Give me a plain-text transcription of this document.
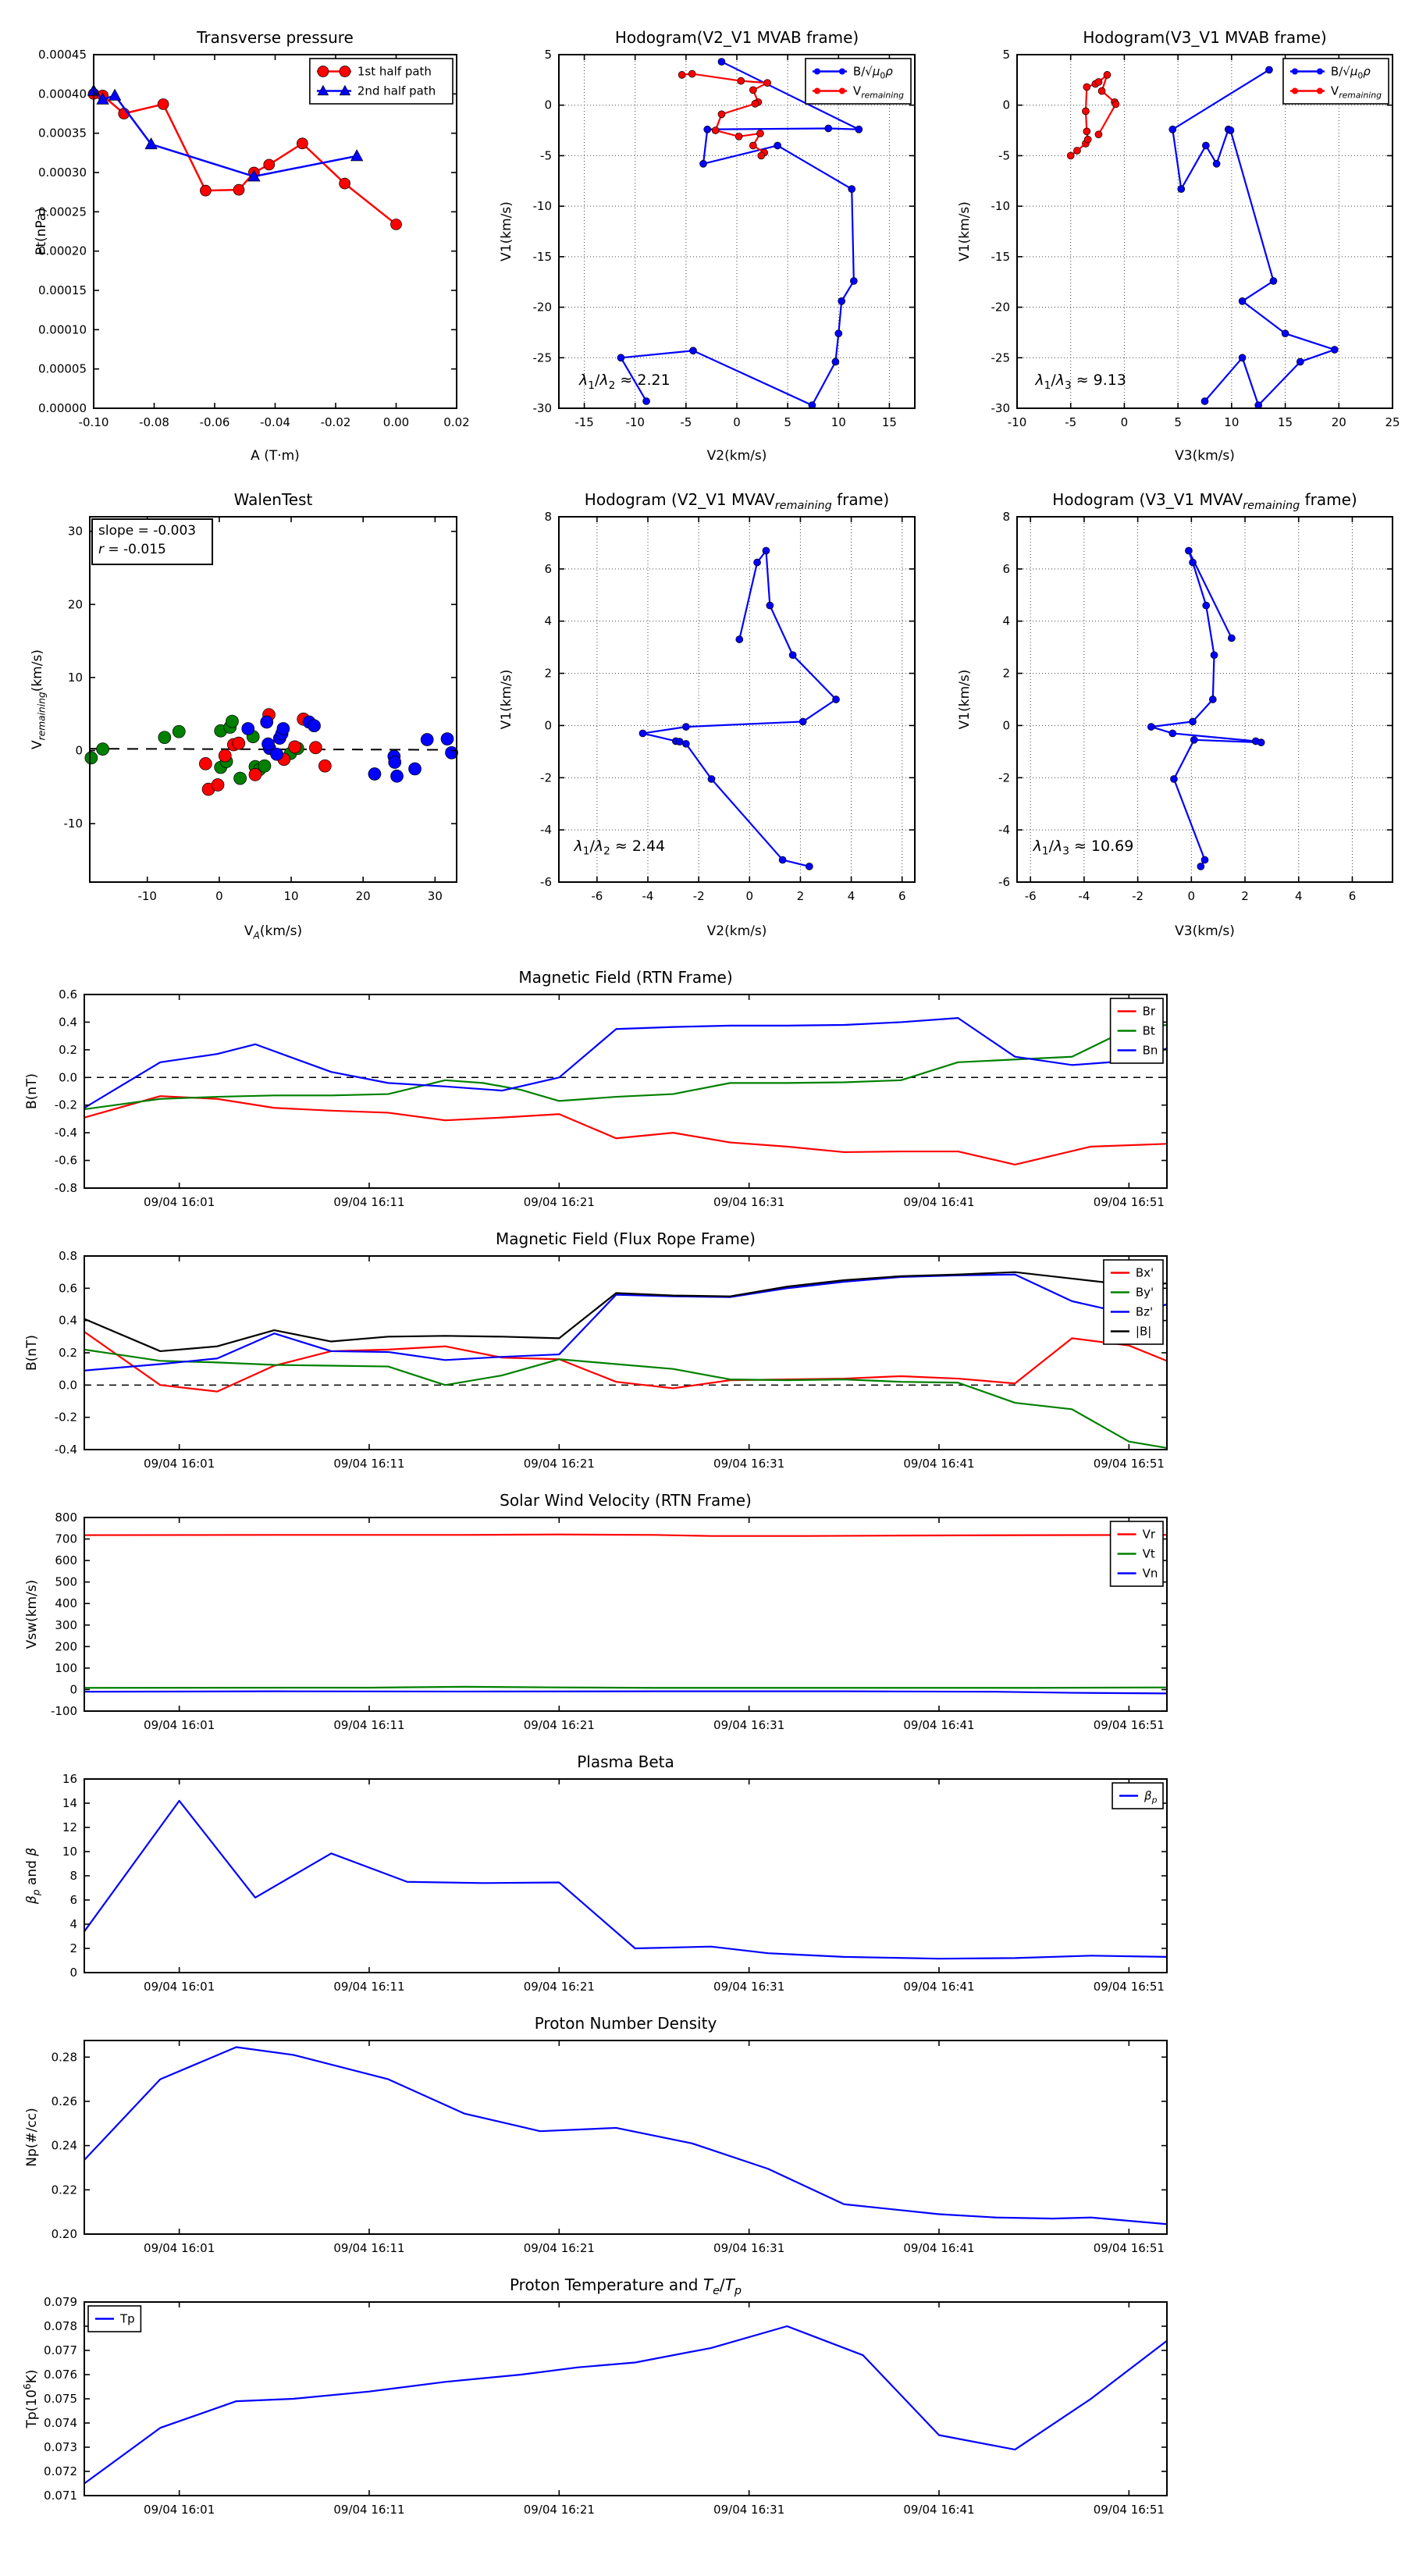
-0.10	-0.08	-0.06	-0.04	-0.02	0.00	0.02
0.00000
0.00005
0.00010
0.00015
0.00020
0.00025
0.00030
0.00035
0.00040
0.00045
Transverse pressure
A (T·m)
Pt(nPa)
1st half path
2nd half path
-15	-10	-5	0	5	10	15
5
0
-5
-10
-15
-20
-25
-30
Hodogram(V2_V1 MVAB frame)
V2(km/s)
V1(km/s)
$\lambda_1/\lambda_2 \approx 2.21$
$B/√\mu_0\rho$
$V_{remaining}$
-10	-5	0	5	10	15	20	25
5
0
-5
-10
-15
-20
-25
-30
Hodogram(V3_V1 MVAB frame)
V3(km/s)
V1(km/s)
$\lambda_1/\lambda_3 \approx 9.13$
$B/√\mu_0\rho$
$V_{remaining}$
-10	0	10	20	30
-10
0
10
20
30
WalenTest
$V_A(km/s)$
$V_{remaining}(km/s)$
slope = -0.003
r = -0.015
-6	-4	-2	0	2	4	6
8
6
4
2
0
-2
-4
-6
Hodogram (V2_V1 $MVAV_{remaining}$ frame)
V2(km/s)
V1(km/s)
$\lambda_1/\lambda_2 \approx 2.44$
-6	-4	-2	0	2	4	6
8
6
4
2
0
-2
-4
-6
Hodogram (V3_V1 $MVAV_{remaining}$ frame)
V3(km/s)
V1(km/s)
$\lambda_1/\lambda_3 \approx 10.69$
09/04 16:01	09/04 16:11	09/04 16:21	09/04 16:31	09/04 16:41	09/04 16:51
-0.8
-0.6
-0.4
-0.2
0.0
0.2
0.4
0.6
Magnetic Field (RTN Frame)
B(nT)
Br
Bt
Bn
09/04 16:01	09/04 16:11	09/04 16:21	09/04 16:31	09/04 16:41	09/04 16:51
-0.4
-0.2
0.0
0.2
0.4
0.6
0.8
Magnetic Field (Flux Rope Frame)
B(nT)
Bx'
By'
Bz'
|B|
09/04 16:01	09/04 16:11	09/04 16:21	09/04 16:31	09/04 16:41	09/04 16:51
-100
0
100
200
300
400
500
600
700
800
Solar Wind Velocity (RTN Frame)
Vsw(km/s)
Vr
Vt
Vn
09/04 16:01	09/04 16:11	09/04 16:21	09/04 16:31	09/04 16:41	09/04 16:51
0
2
4
6
8
10
12
14
16
Plasma Beta
$\beta_p$ and β
$\beta_p$
09/04 16:01	09/04 16:11	09/04 16:21	09/04 16:31	09/04 16:41	09/04 16:51
0.20
0.22
0.24
0.26
0.28
Proton Number Density
Np(#/cc)
09/04 16:01	09/04 16:11	09/04 16:21	09/04 16:31	09/04 16:41	09/04 16:51
0.071
0.072
0.073
0.074
0.075
0.076
0.077
0.078
0.079
Proton Temperature and $T_e/T_p$
$Tp(10^6K)$
Tp
